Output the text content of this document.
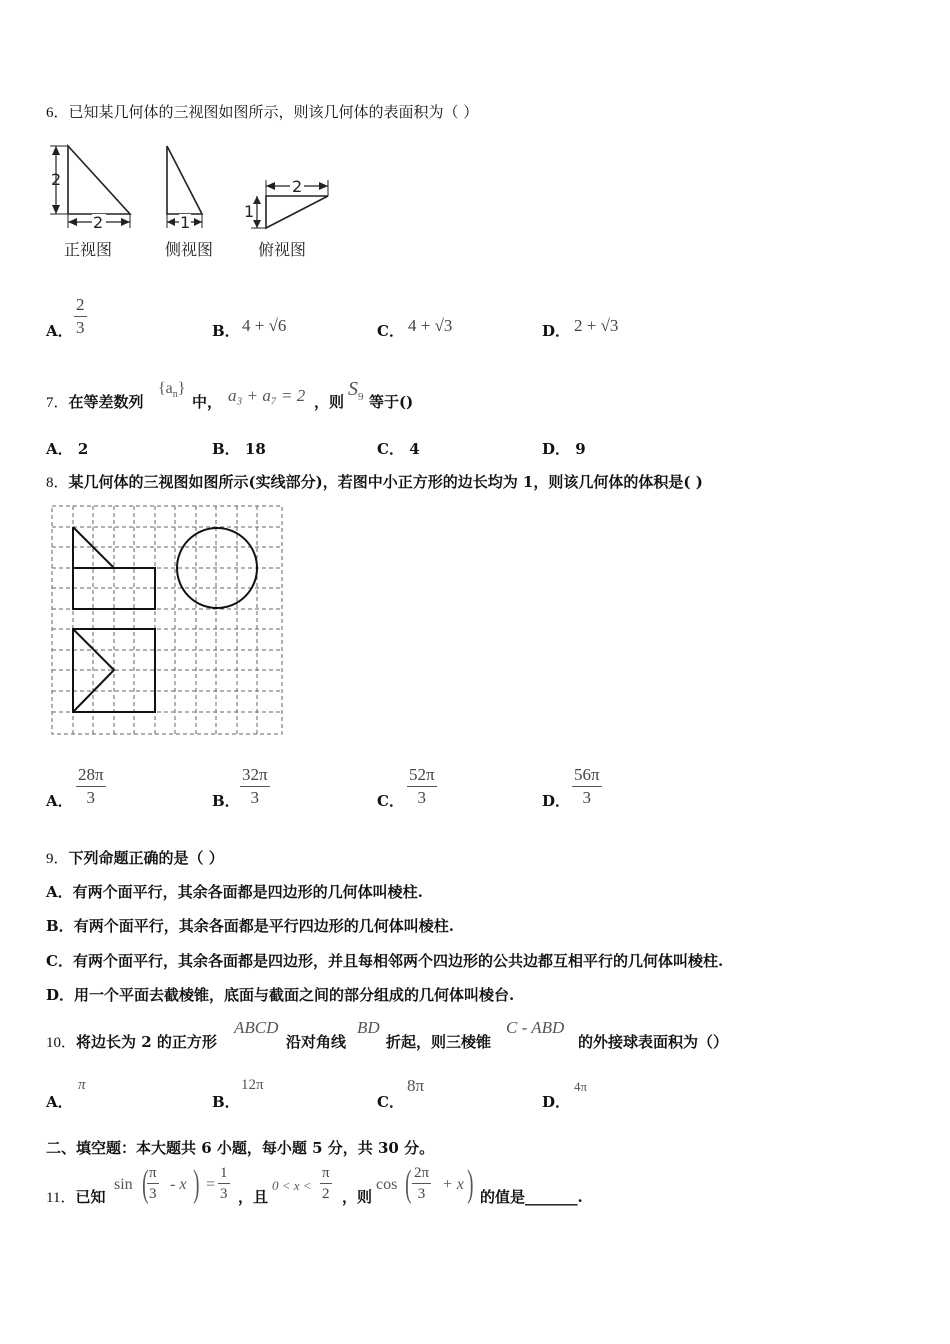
6．已知某几何体的三视图如图所示，则该几何体的表面积为（ ）
2
2	1
2
1
正视图	侧视图	俯视图
A． $\frac{2}{3}$	B． 4 + √6	C． 4 + √3	D． 2 + √3
7．在等差数列
$\{a_n\}$
中， a₃ + a₇ = 2 ，则
$S_9$ 等于()
A． 2	B． 18	C． 4	D． 9
8．某几何体的三视图如图所示(实线部分)，若图中小正方形的边长均为 1，则该几何体的体积是( )
A． $\frac{28\pi}{3}$	B． $\frac{32\pi}{3}$	C． $\frac{52\pi}{3}$	D． $\frac{56\pi}{3}$
9．下列命题正确的是（ ）
A．有两个面平行，其余各面都是四边形的几何体叫棱柱.
B．有两个面平行，其余各面都是平行四边形的几何体叫棱柱.
C．有两个面平行，其余各面都是四边形，并且每相邻两个四边形的公共边都互相平行的几何体叫棱柱.
D．用一个平面去截棱锥，底面与截面之间的部分组成的几何体叫棱台.
10．将边长为 2 的正方形
ABCD
沿对角线
BD
折起，则三棱锥
C - ABD
的外接球表面积为（）
A．
π
B．
12π
C．
8π
D．
4π
二、填空题：本大题共 6 小题，每小题 5 分，共 30 分。
11．已知
sin (
$\frac{\pi}{3}$ - x ) = $\frac{1}{3}$ ，且
$0 < x < \frac{\pi}{2}$ ，则
cos ( $\frac{2\pi}{3} + x$ ) 的值是_______.
